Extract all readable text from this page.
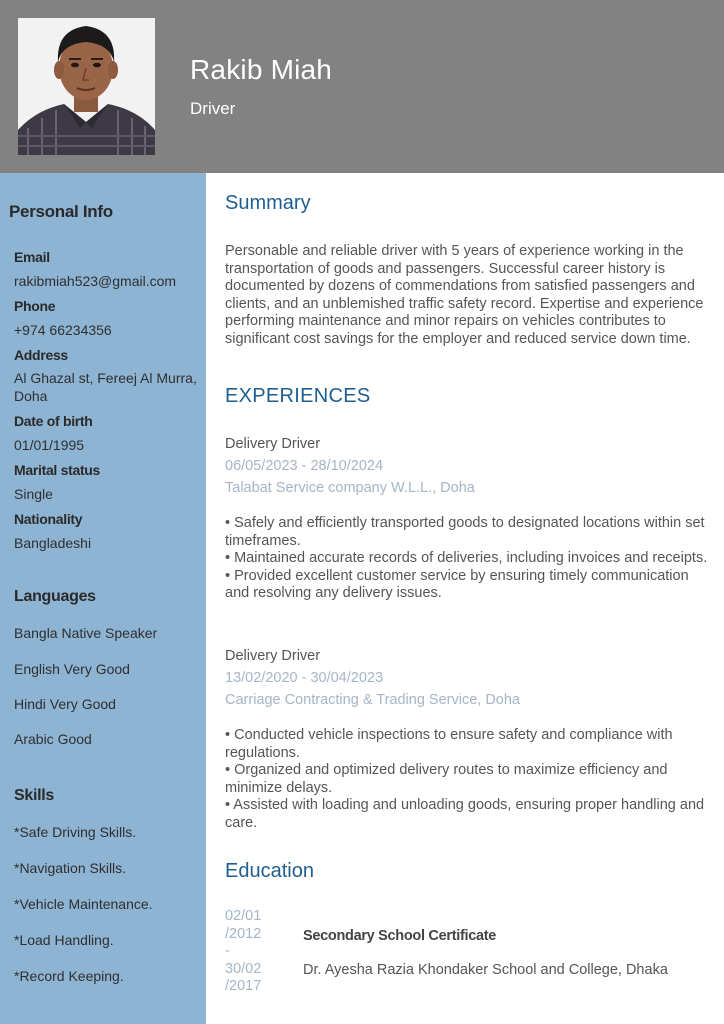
Rakib Miah
Driver
Personal Info
Email
rakibmiah523@gmail.com
Phone
+974 66234356
Address
Al Ghazal st, Fereej Al Murra, Doha
Date of birth
01/01/1995
Marital status
Single
Nationality
Bangladeshi
Languages
Bangla Native Speaker
English Very Good
Hindi Very Good
Arabic Good
Skills
*Safe Driving Skills.
*Navigation Skills.
*Vehicle Maintenance.
*Load Handling.
*Record Keeping.
Summary
Personable and reliable driver with 5 years of experience working in the transportation of goods and passengers. Successful career history is documented by dozens of commendations from satisfied passengers and clients, and an unblemished traffic safety record. Expertise and experience performing maintenance and minor repairs on vehicles contributes to significant cost savings for the employer and reduced service down time.
EXPERIENCES
Delivery Driver
06/05/2023 - 28/10/2024
Talabat Service company W.L.L., Doha
• Safely and efficiently transported goods to designated locations within set timeframes.
• Maintained accurate records of deliveries, including invoices and receipts.
• Provided excellent customer service by ensuring timely communication and resolving any delivery issues.
Delivery Driver
13/02/2020 - 30/04/2023
Carriage Contracting & Trading Service, Doha
• Conducted vehicle inspections to ensure safety and compliance with regulations.
• Organized and optimized delivery routes to maximize efficiency and minimize delays.
• Assisted with loading and unloading goods, ensuring proper handling and care.
Education
02/01
/2012
-
30/02
/2017
Secondary School Certificate
Dr. Ayesha Razia Khondaker School and College, Dhaka
